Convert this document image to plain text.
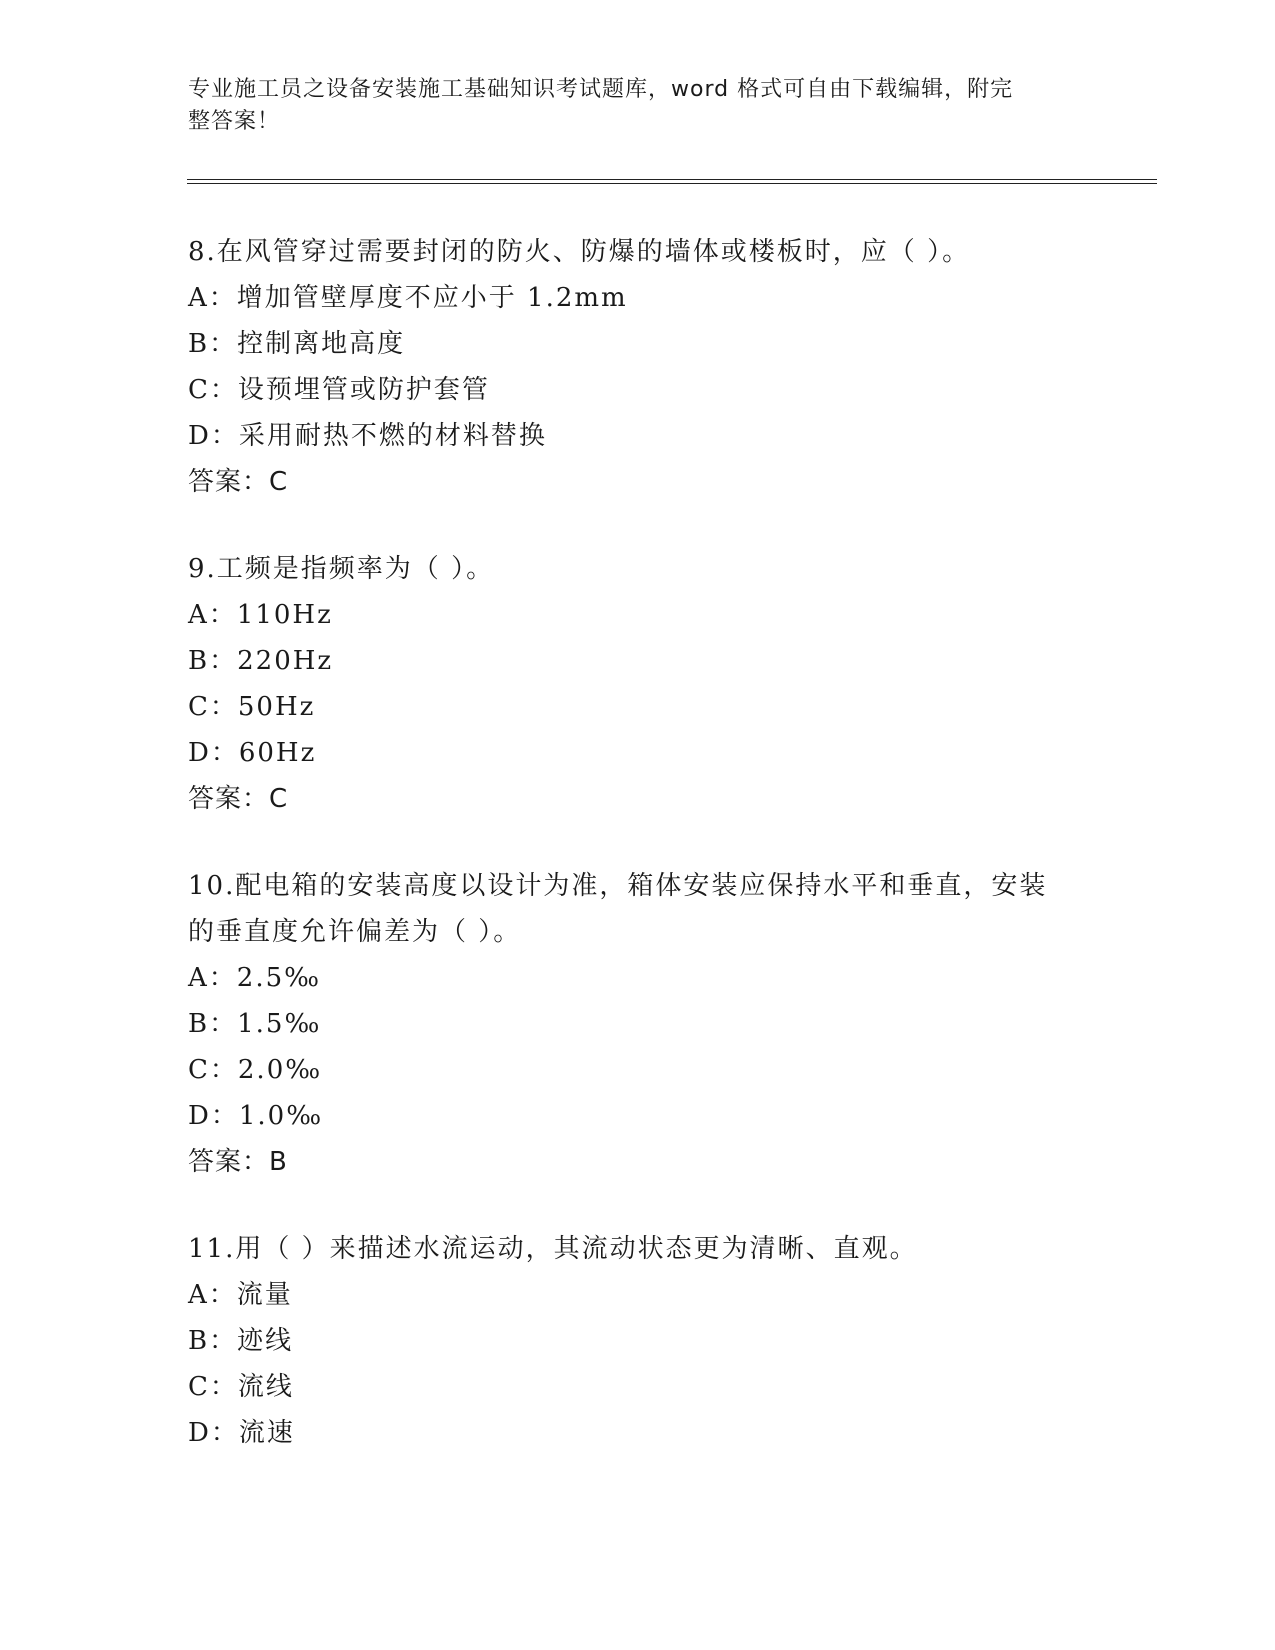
专业施工员之设备安装施工基础知识考试题库，word 格式可自由下载编辑，附完
整答案！
8.在风管穿过需要封闭的防火、防爆的墙体或楼板时，应（ ）。
A：增加管壁厚度不应小于 1.2mm
B：控制离地高度
C：设预埋管或防护套管
D：采用耐热不燃的材料替换
答案：C
9.工频是指频率为（ ）。
A：110Hz
B：220Hz
C：50Hz
D：60Hz
答案：C
10.配电箱的安装高度以设计为准，箱体安装应保持水平和垂直，安装
的垂直度允许偏差为（ ）。
A：2.5‰
B：1.5‰
C：2.0‰
D：1.0‰
答案：B
11.用（ ）来描述水流运动，其流动状态更为清晰、直观。
A：流量
B：迹线
C：流线
D：流速
